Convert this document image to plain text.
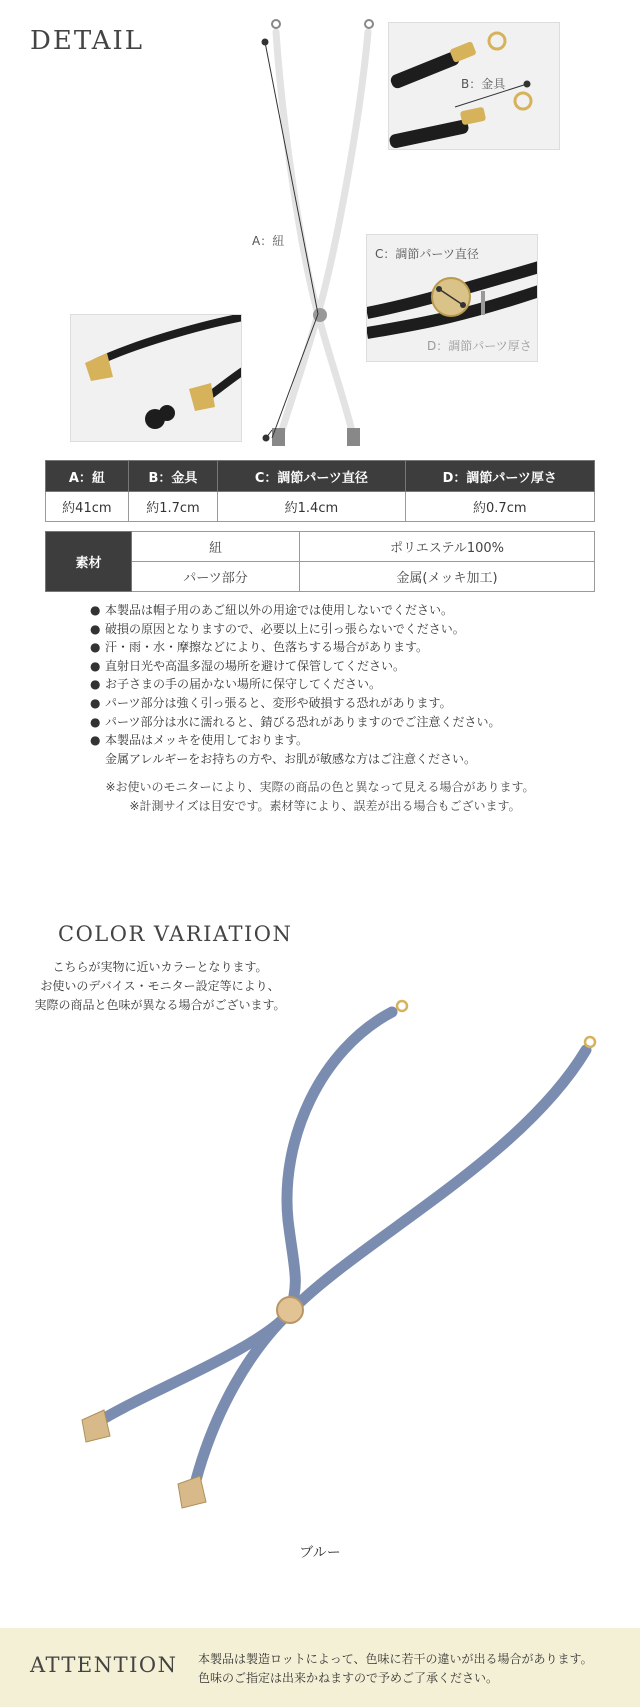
DETAIL
A：紐
B：金具
C：調節パーツ直径
D：調節パーツ厚さ
A：紐	B：金具	C：調節パーツ直径	D：調節パーツ厚さ
約41cm	約1.7cm	約1.4cm	約0.7cm
素材	紐	ポリエステル100%
	パーツ部分	金属(メッキ加工)
● 本製品は帽子用のあご紐以外の用途では使用しないでください。
● 破損の原因となりますので、必要以上に引っ張らないでください。
● 汗・雨・水・摩擦などにより、色落ちする場合があります。
● 直射日光や高温多湿の場所を避けて保管してください。
● お子さまの手の届かない場所に保守してください。
● パーツ部分は強く引っ張ると、変形や破損する恐れがあります。
● パーツ部分は水に濡れると、錆びる恐れがありますのでご注意ください。
● 本製品はメッキを使用しております。
金属アレルギーをお持ちの方や、お肌が敏感な方はご注意ください。
※お使いのモニターにより、実際の商品の色と異なって見える場合があります。
※計測サイズは目安です。素材等により、誤差が出る場合もございます。
COLOR VARIATION
こちらが実物に近いカラーとなります。
お使いのデバイス・モニター設定等により、
実際の商品と色味が異なる場合がございます。
ブルー
ATTENTION 本製品は製造ロットによって、色味に若干の違いが出る場合があります。
色味のご指定は出来かねますので予めご了承ください。
